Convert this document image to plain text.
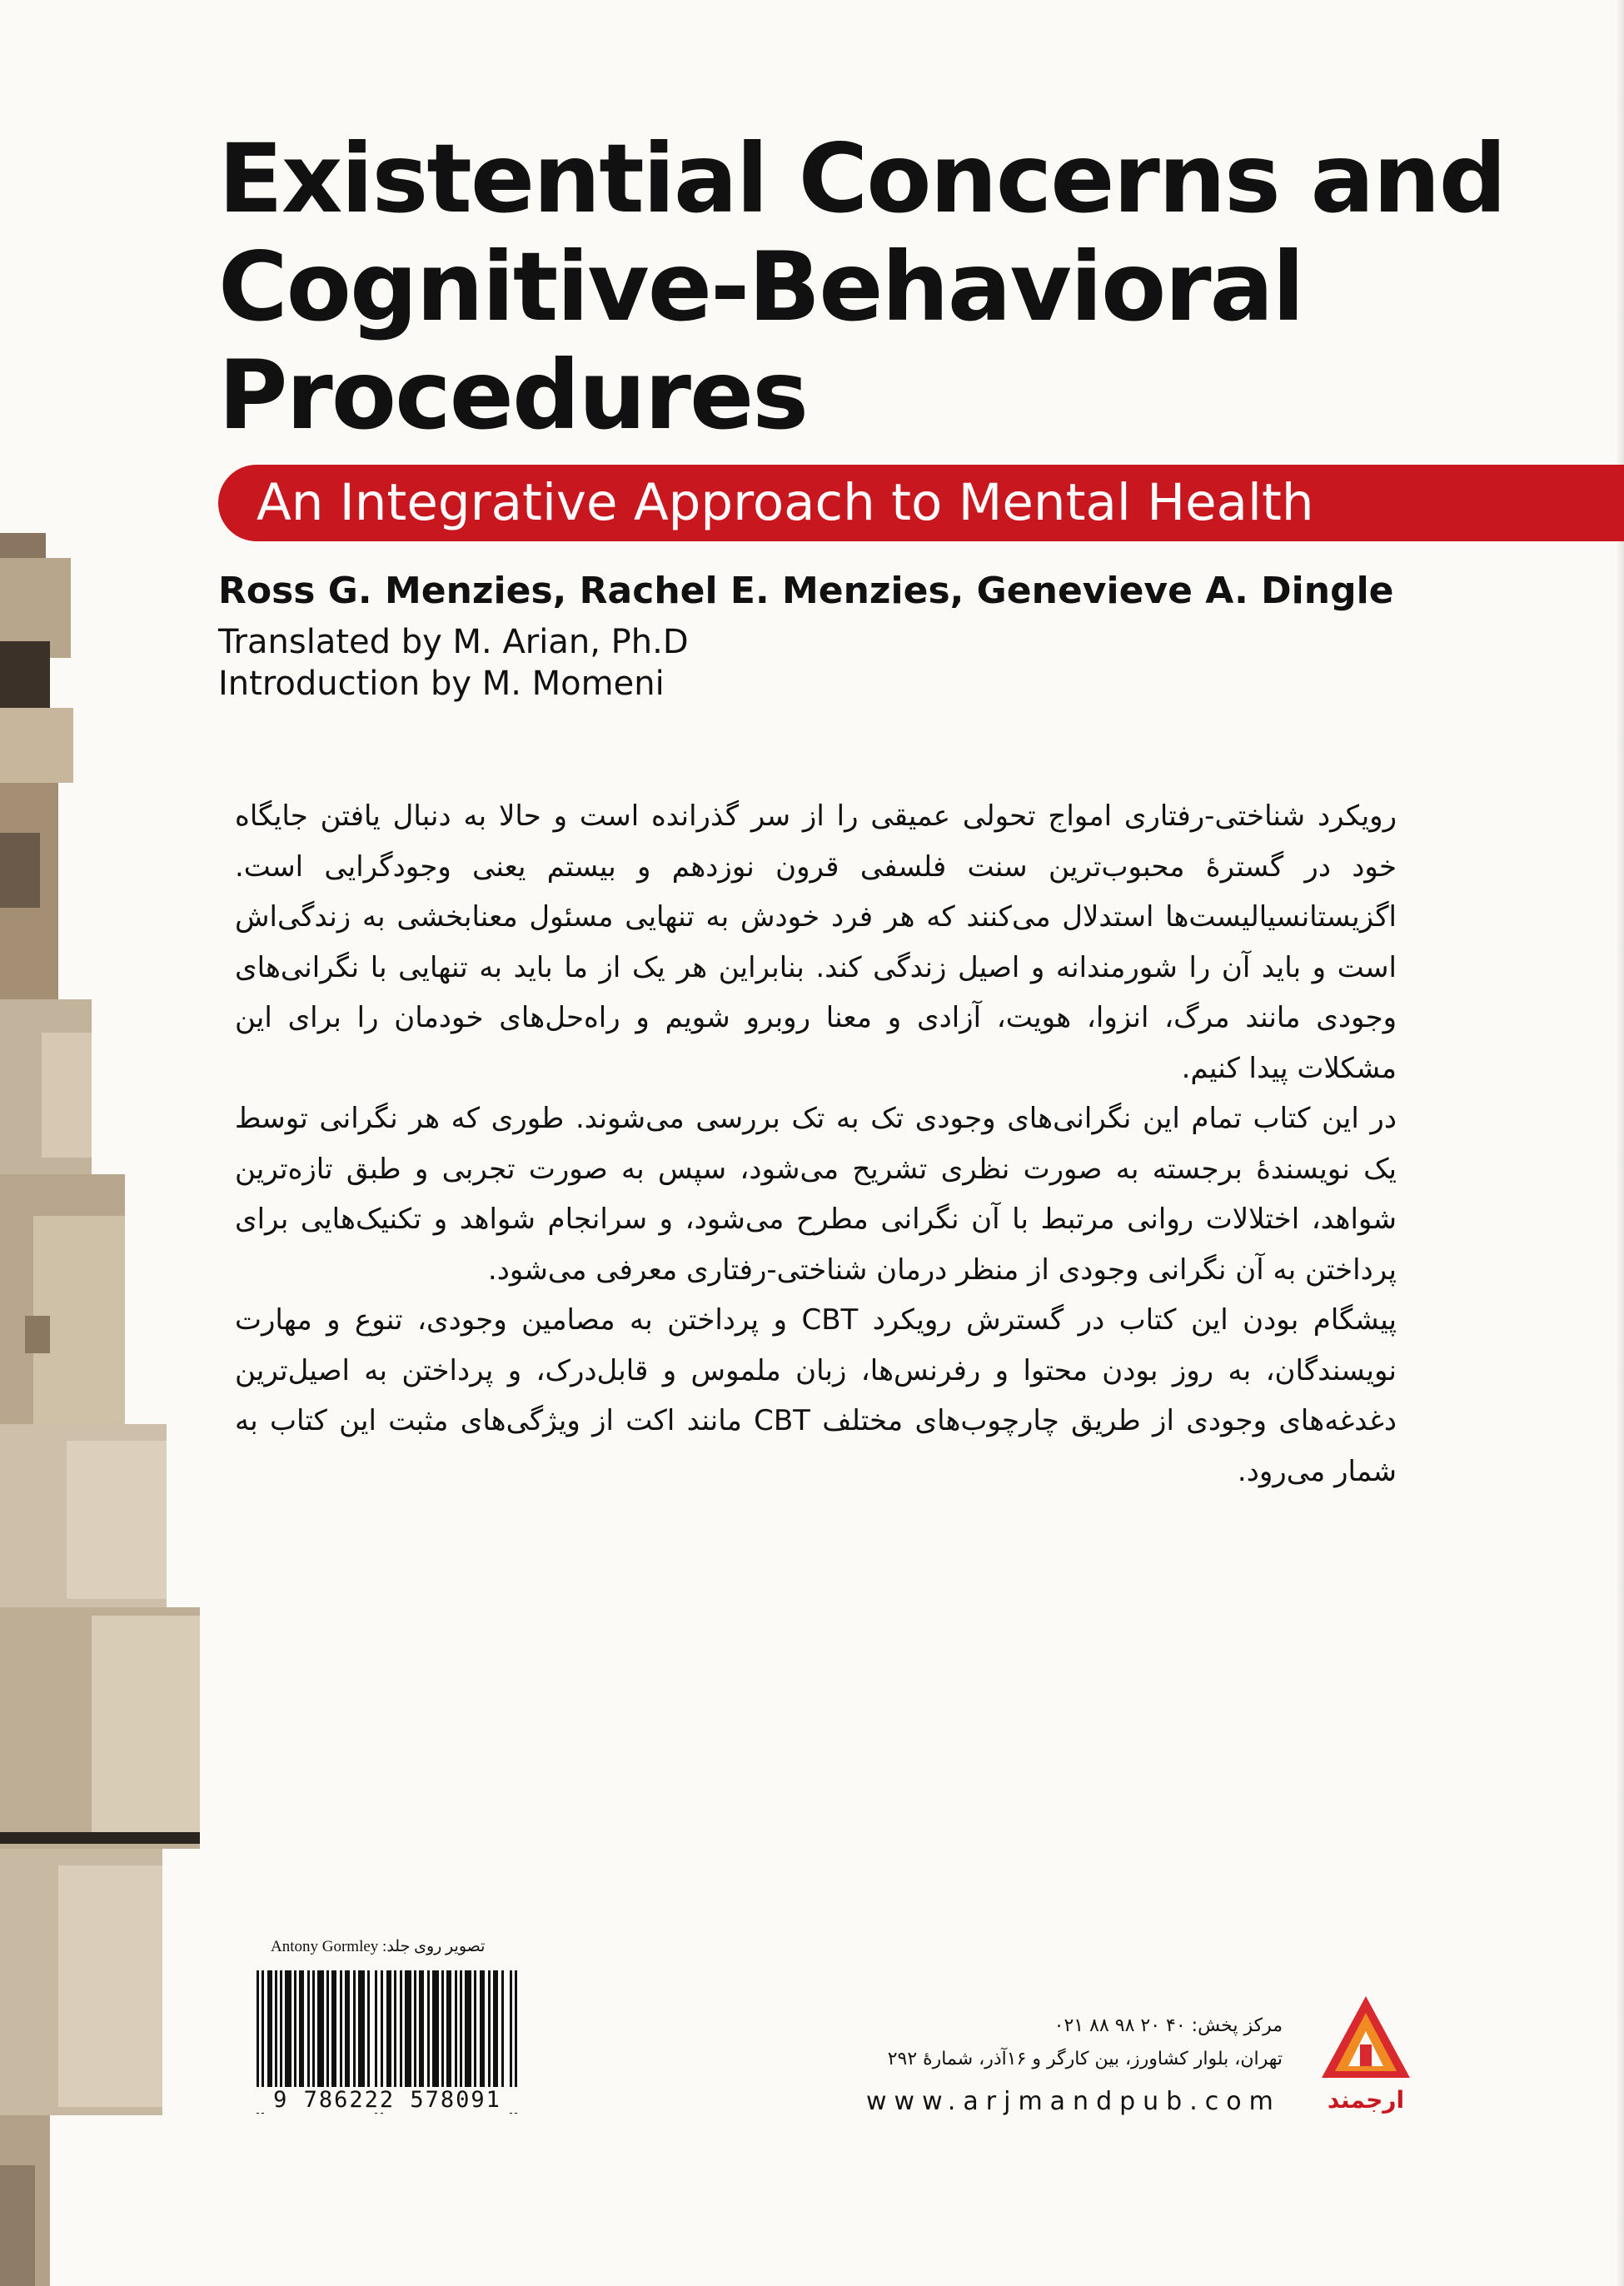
Existential Concerns and
Cognitive-Behavioral
Procedures
An Integrative Approach to Mental Health
Ross G. Menzies, Rachel E. Menzies, Genevieve A. Dingle
Translated by M. Arian, Ph.D
Introduction by M. Momeni

رویکرد شناختی-رفتاری امواج تحولی عمیقی را از سر گذرانده است و حالا به دنبال یافتن جایگاه خود در گسترۀ محبوب‌ترین سنت فلسفی قرون نوزدهم و بیستم یعنی وجودگرایی است. اگزیستانسیالیست‌ها استدلال می‌کنند که هر فرد خودش به تنهایی مسئول معنابخشی به زندگی‌اش است و باید آن را شورمندانه و اصیل زندگی کند. بنابراین هر یک از ما باید به تنهایی با نگرانی‌های وجودی مانند مرگ، انزوا، هویت، آزادی و معنا روبرو شویم و راه‌حل‌های خودمان را برای این مشکلات پیدا کنیم.

در این کتاب تمام این نگرانی‌های وجودی تک به تک بررسی می‌شوند. طوری که هر نگرانی توسط یک نویسندۀ برجسته به صورت نظری تشریح می‌شود، سپس به صورت تجربی و طبق تازه‌ترین شواهد، اختلالات روانی مرتبط با آن نگرانی مطرح می‌شود، و سرانجام شواهد و تکنیک‌هایی برای پرداختن به آن نگرانی وجودی از منظر درمان شناختی-رفتاری معرفی می‌شود.

پیشگام بودن این کتاب در گسترش رویکرد CBT و پرداختن به مصامین وجودی، تنوع و مهارت نویسندگان، به روز بودن محتوا و رفرنس‌ها، زبان ملموس و قابل‌درک، و پرداختن به اصیل‌ترین دغدغه‌های وجودی از طریق چارچوب‌های مختلف CBT مانند اکت از ویژگی‌های مثبت این کتاب به شمار می‌رود.

تصویر روی جلد: Antony Gormley
9 786222 578091
مرکز پخش: ۴۰ ۲۰ ۹۸ ۸۸ ۰۲۱
تهران، بلوار کشاورز، بین کارگر و ۱۶آذر، شمارۀ ۲۹۲
www.arjmandpub.com	ارجمند
